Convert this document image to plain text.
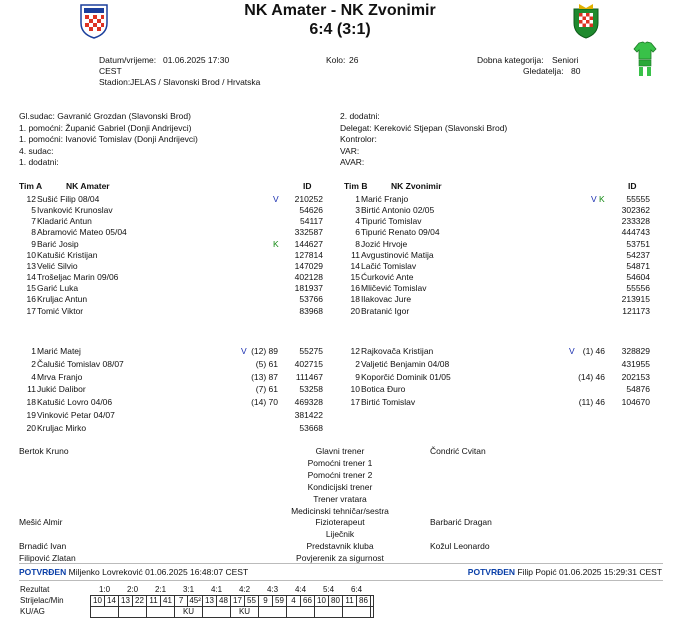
NK Amater - NK Zvonimir
6:4 (3:1)
Datum/vrijeme: 01.06.2025 17:30
CEST
Stadion: JELAS / Slavonski Brod / Hrvatska
Kolo: 26	Dobna kategorija: Seniori
Gledatelja: 80
Gl.sudac: Gavranić Grozdan (Slavonski Brod)
1. pomoćni: Županić Gabriel (Donji Andrijevci)
1. pomoćni: Ivanović Tomislav (Donji Andrijevci)
4. sudac:
1. dodatni:
2. dodatni:
Delegat: Kereković Stjepan (Slavonski Brod)
Kontrolor:
VAR:
AVAR:
Tim A	NK Amater	ID	Tim B	NK Zvonimir	ID
12 Sušić Filip 08/04	V	210252
5 Ivanković Krunoslav	54626
7 Kladarić Antun	54117
8 Abramović Mateo 05/04	332587
9 Barić Josip	K	144627
10 Katušić Kristijan	127814
13 Velić Silvio	147029
14 Trošeljac Marin 09/06	402128
15 Garić Luka	181937
16 Kruljac Antun	53766
17 Tomić Viktor	83968
1 Marić Matej	V (12) 89	55275
2 Čalušić Tomislav 08/07	(5) 61	402715
4 Mrva Franjo	(13) 87	111467
11 Jukić Dalibor	(7) 61	53258
18 Katušić Lovro 04/06	(14) 70	469328
19 Vinković Petar 04/07	381422
20 Kruljac Mirko	53668
1 Marić Franjo	V K	55555
3 Birtić Antonio 02/05	302362
4 Tipurić Tomislav	233328
6 Tipurić Renato 09/04	444743
8 Jozić Hrvoje	53751
11 Avgustinović Matija	54237
14 Lačić Tomislav	54871
15 Ćurković Ante	54604
16 Mličević Tomislav	55556
18 Ilakovac Jure	213915
20 Bratanić Igor	121173
12 Rajkovača Kristijan	V (1) 46	328829
2 Valjetić Benjamin 04/08	431955
9 Koporčić Dominik 01/05	(14) 46	202153
10 Botica Đuro	54876
17 Birtić Tomislav	(11) 46	104670
Glavni trener
Bertok Kruno	Čondrić Cvitan
Pomoćni trener 1
Pomoćni trener 2
Kondicijski trener
Trener vratara
Medicinski tehničar/sestra
Fizioterapeut
Mešić Almir	Barbarić Dragan
Liječnik
Predstavnik kluba
Brnadić Ivan	Kožul Leonardo
Povjerenik za sigurnost
Filipović Zlatan
POTVRĐEN Miljenko Lovreković 01.06.2025 16:48:07 CEST	POTVRĐEN Filip Popić 01.06.2025 15:29:31 CEST
Rezultat	1:0		2:0		2:1		3:1		4:1		4:2		4:3		4:4		5:4		6:4		
Strijelac/Min	10	14	13	22	11	41	7	45²	13	48	17	55	9	59	4	66	10	80	11	86	
KU/AG							KU				KU										
